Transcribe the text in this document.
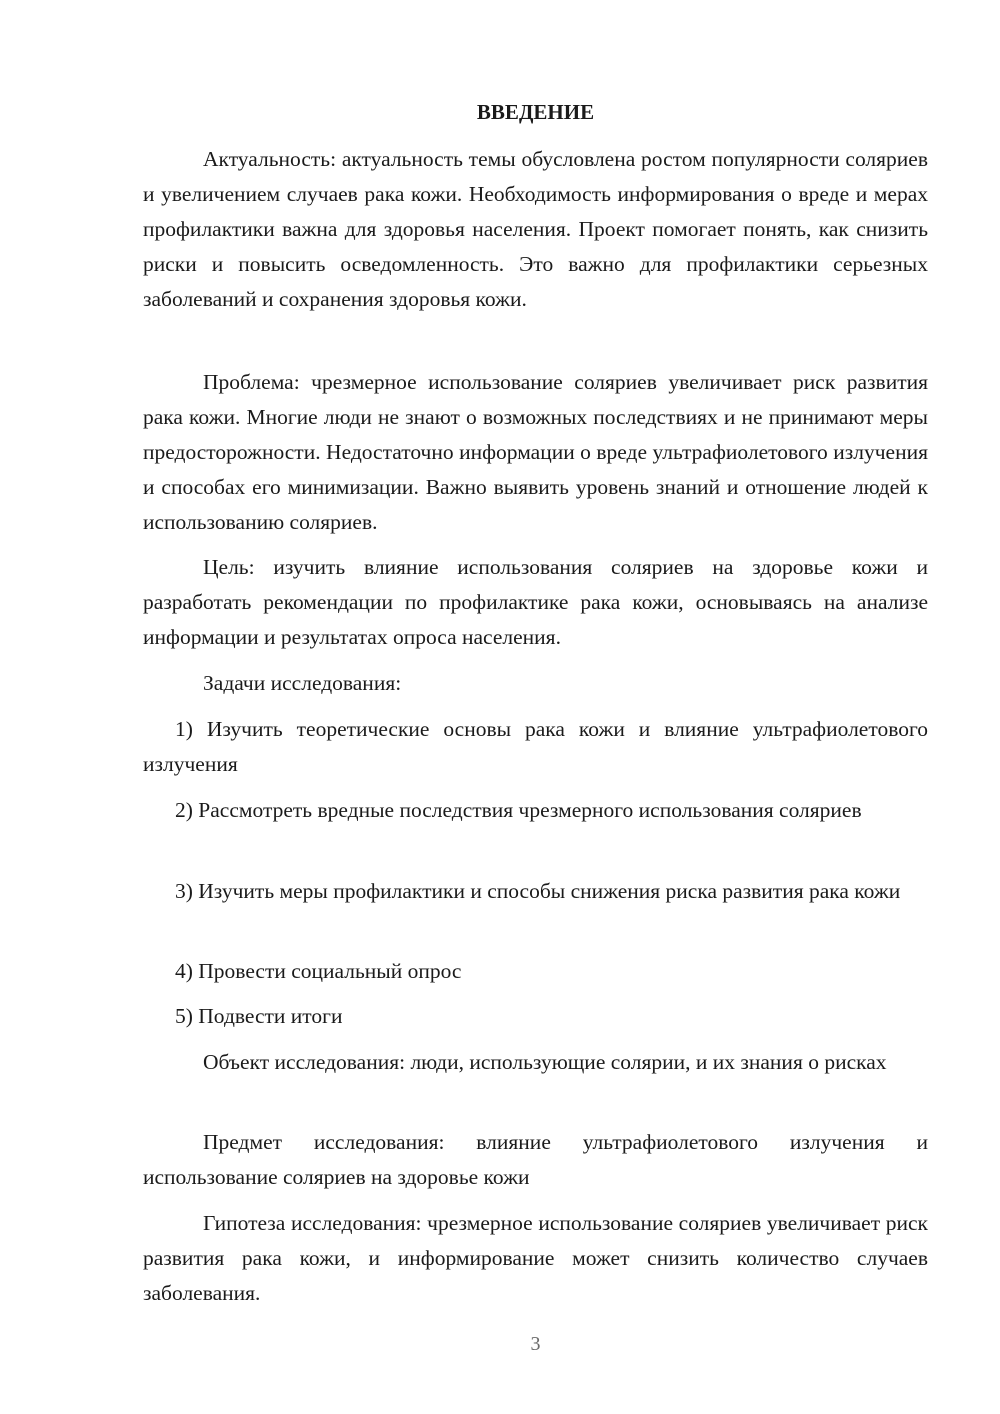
ВВЕДЕНИЕ

Актуальность: актуальность темы обусловлена ростом популярности соляриев и увеличением случаев рака кожи. Необходимость информирования о вреде и мерах профилактики важна для здоровья населения. Проект помогает понять, как снизить риски и повысить осведомленность. Это важно для профилактики серьезных заболеваний и сохранения здоровья кожи.

Проблема: чрезмерное использование соляриев увеличивает риск развития рака кожи. Многие люди не знают о возможных последствиях и не принимают меры предосторожности. Недостаточно информации о вреде ультрафиолетового излучения и способах его минимизации. Важно выявить уровень знаний и отношение людей к использованию соляриев.

Цель: изучить влияние использования соляриев на здоровье кожи и разработать рекомендации по профилактике рака кожи, основываясь на анализе информации и результатах опроса населения.

Задачи исследования:

1) Изучить теоретические основы рака кожи и влияние ультрафиолетового излучения

2) Рассмотреть вредные последствия чрезмерного использования соляриев

3) Изучить меры профилактики и способы снижения риска развития рака кожи

4) Провести социальный опрос

5) Подвести итоги

Объект исследования: люди, использующие солярии, и их знания о рисках

Предмет исследования: влияние ультрафиолетового излучения и использование соляриев на здоровье кожи

Гипотеза исследования: чрезмерное использование соляриев увеличивает риск развития рака кожи, и информирование может снизить количество случаев заболевания.

3
